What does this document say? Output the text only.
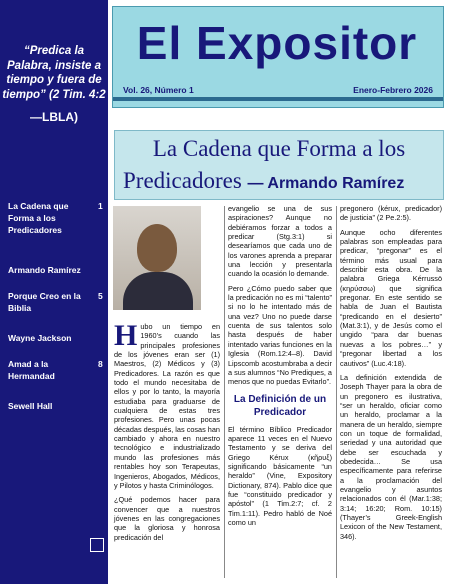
“Predica la Palabra, insiste a tiempo y fuera de tiempo” (2 Tim. 4:2
—LBLA)
La Cadena que Forma a los Predicadores
1
Armando Ramírez
Porque Creo en la Biblia
5
Wayne Jackson
Amad a la Hermandad
8
Sewell Hall
El Expositor
Vol. 26, Número 1	Enero-Febrero 2026
La Cadena que Forma a los
Predicadores — Armando Ramírez

Hubo un tiempo en 1960’s cuando las principales profesiones de los jóvenes eran ser (1) Maestros, (2) Médicos y (3) Predicadores. La razón es que todo el mundo necesitaba de ellos y por lo tanto, la mayoría estudiaba para graduarse de cualquiera de estas tres profesiones. Pero unas pocas décadas después, las cosas han cambiado y ahora en nuestro tecnológico e industrializado mundo las profesiones más rentables hoy son Terapeutas, Ingenieros, Abogados, Médicos, y Pilotos y hasta Criminólogos.

¿Qué podemos hacer para convencer que a nuestros jóvenes en las congregaciones que la gloriosa y honrosa predicación del

evangelio se una de sus aspiraciones? Aunque no debiéramos forzar a todos a predicar (Stg.3:1) si desearíamos que cada uno de los varones aprenda a preparar una lección y presentarla cuando la ocasión lo demande.

Pero ¿Cómo puedo saber que la predicación no es mi “talento” si no lo he intentado más de una vez? Uno no puede darse cuenta de sus talentos solo hasta después de haber intentado varias funciones en la Iglesia (Rom.12:4–8). David Lipscomb acostumbraba a decir a sus alumnos “No Prediques, a menos que no puedas Evitarlo”.

La Definición de un Predicador

El término Bíblico Predicador aparece 11 veces en el Nuevo Testamento y se deriva del Griego Kérux (κῆρυξ) significando básicamente “un heraldo” (Vine, Expository Dictionary, 874). Pablo dice que fue “constituido predicador y apóstol” (1 Tim.2:7; cf. 2 Tim.1:11). Pedro habló de Noé como un

pregonero (kérux, predicador) de justicia” (2 Pe.2:5).

Aunque ocho diferentes palabras son empleadas para predicar, “pregonar” es el término más usual para describir esta obra. De la palabra Griega Kérrussö (κηρύσσω) que significa pregonar. En este sentido se habla de Juan el Bautista “predicando en el desierto” (Mat.3:1), y de Jesús como el ungido “para dar buenas nuevas a los pobres…” y “pregonar libertad a los cautivos” (Luc.4:18).

La definición extendida de Joseph Thayer para la obra de un pregonero es ilustrativa, “ser un heraldo, oficiar como un heraldo, proclamar a la manera de un heraldo, siempre con un toque de formalidad, seriedad y una autoridad que debe ser escuchada y obedecida… Se usa específicamente para referirse a la proclamación del evangelio y asuntos relacionados con él (Mar.1:38; 3:14; 16:20; Rom. 10:15) (Thayer’s Greek-English Lexicon of the New Testament, 346).
